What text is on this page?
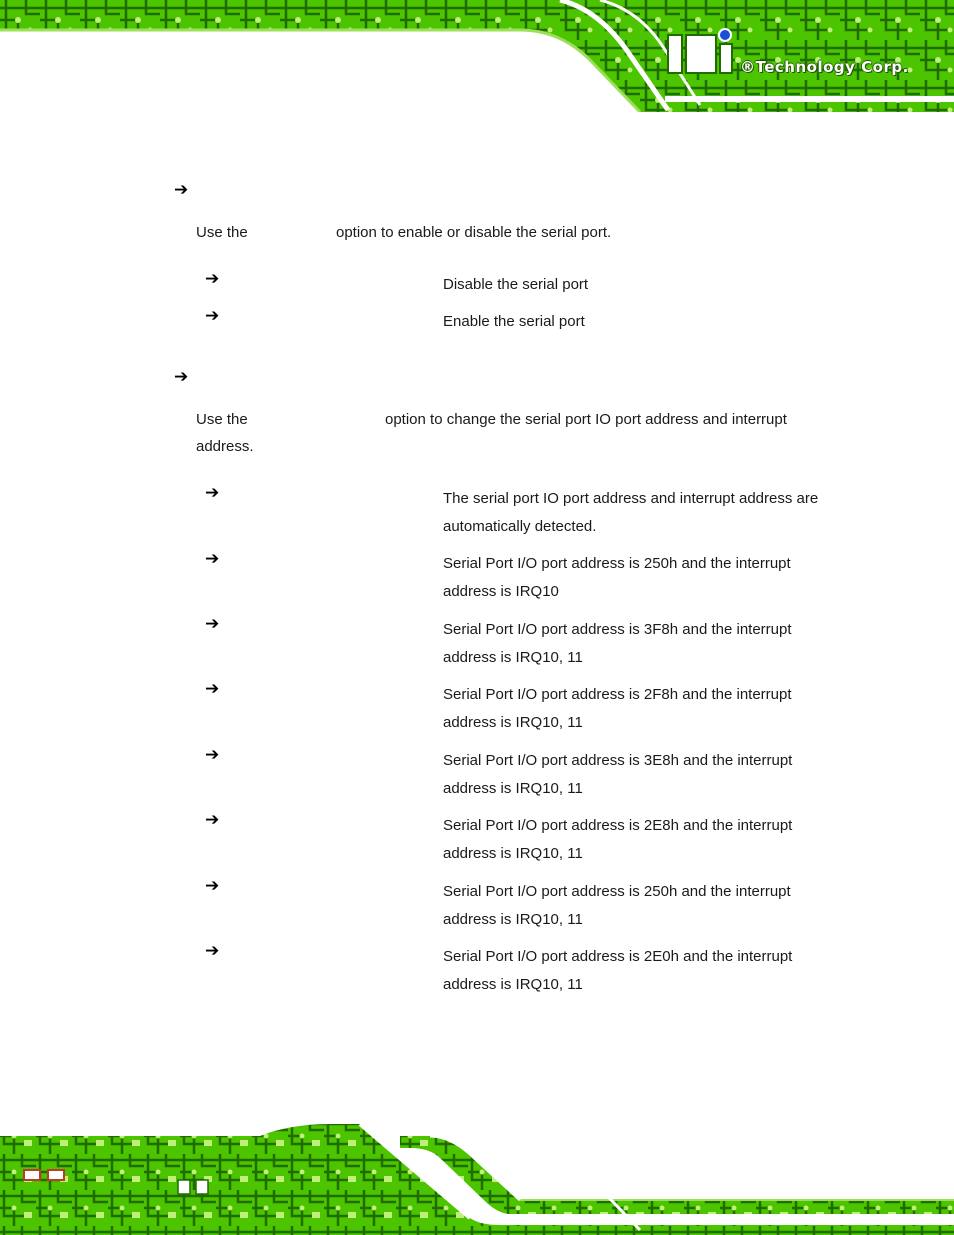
®Technology Corp.
➔
Use the	option to enable or disable the serial port.
➔	Disable the serial port
➔	Enable the serial port
➔
Use the	option to change the serial port IO port address and interrupt
address.
➔	The serial port IO port address and interrupt address are automatically detected.
➔	Serial Port I/O port address is 250h and the interrupt address is IRQ10
➔	Serial Port I/O port address is 3F8h and the interrupt address is IRQ10, 11
➔	Serial Port I/O port address is 2F8h and the interrupt address is IRQ10, 11
➔	Serial Port I/O port address is 3E8h and the interrupt address is IRQ10, 11
➔	Serial Port I/O port address is 2E8h and the interrupt address is IRQ10, 11
➔	Serial Port I/O port address is 250h and the interrupt address is IRQ10, 11
➔	Serial Port I/O port address is 2E0h and the interrupt address is IRQ10, 11
